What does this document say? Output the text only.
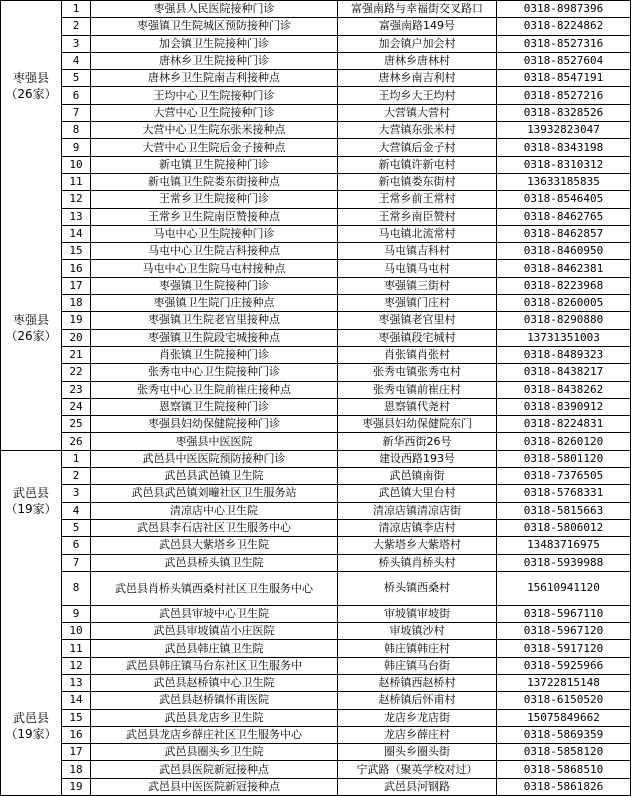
枣强县
（26家）
枣强县
（26家）	1	枣强县人民医院接种门诊	富强南路与幸福街交叉路口	0318-8987396
	2	枣强镇卫生院城区预防接种门诊	富强南路149号	0318-8224862
	3	加会镇卫生院接种门诊	加会镇户加会村	0318-8527316
	4	唐林乡卫生院接种门诊	唐林乡唐林村	0318-8527604
	5	唐林乡卫生院南吉利接种点	唐林乡南吉利村	0318-8547191
	6	王均中心卫生院接种门诊	王均乡大王均村	0318-8527216
	7	大营中心卫生院接种门诊	大营镇大营村	0318-8328526
	8	大营中心卫生院东张米接种点	大营镇东张米村	13932823047
	9	大营中心卫生院后金子接种点	大营镇后金子村	0318-8343198
	10	新屯镇卫生院接种门诊	新屯镇许新屯村	0318-8310312
	11	新屯镇卫生院娄东街接种点	新屯镇娄东街村	13633185835
	12	王常乡卫生院接种门诊	王常乡前王常村	0318-8546405
	13	王常乡卫生院南臣赞接种点	王常乡南臣赞村	0318-8462765
	14	马屯中心卫生院接种门诊	马屯镇北流常村	0318-8462857
	15	马屯中心卫生院吉科接种点	马屯镇吉科村	0318-8460950
	16	马屯中心卫生院马屯村接种点	马屯镇马屯村	0318-8462381
	17	枣强镇卫生院接种门诊	枣强镇三街村	0318-8223968
	18	枣强镇卫生院门庄接种点	枣强镇门庄村	0318-8260005
	19	枣强镇卫生院老官里接种点	枣强镇老官里村	0318-8290880
	20	枣强镇卫生院段宅城接种点	枣强镇段宅城村	13731351003
	21	肖张镇卫生院接种门诊	肖张镇肖张村	0318-8489323
	22	张秀屯中心卫生院接种门诊	张秀屯镇张秀屯村	0318-8438217
	23	张秀屯中心卫生院前崔庄接种点	张秀屯镇前崔庄村	0318-8438262
	24	恩察镇卫生院接种门诊	恩察镇代尧村	0318-8390912
	25	枣强县妇幼保健院接种门诊	枣强县妇幼保健院东门	0318-8224831
	26	枣强县中医医院	新华西街26号	0318-8260120

武邑县
（19家）
武邑县
（19家）	1	武邑县中医医院预防接种门诊	建设西路193号	0318-5801120
	2	武邑县武邑镇卫生院	武邑镇南街	0318-7376505
	3	武邑县武邑镇刘疃社区卫生服务站	武邑镇大里台村	0318-5768331
	4	清凉店中心卫生院	清凉店镇清凉店街	0318-5815663
	5	武邑县李石店社区卫生服务中心	清凉店镇李店村	0318-5806012
	6	武邑县大紫塔乡卫生院	大紫塔乡大紫塔村	13483716975
	7	武邑县桥头镇卫生院	桥头镇肖桥头村	0318-5939988
	8	武邑县肖桥头镇西桑村社区卫生服务中心	桥头镇西桑村	15610941120
	9	武邑县审坡中心卫生院	审坡镇审坡街	0318-5967110
	10	武邑县审坡镇苗小庄医院	审坡镇沙村	0318-5967120
	11	武邑县韩庄镇卫生院	韩庄镇韩庄村	0318-5917120
	12	武邑县韩庄镇马台东社区卫生服务中	韩庄镇马台街	0318-5925966
	13	武邑县赵桥镇中心卫生院	赵桥镇西赵桥村	13722815148
	14	武邑县赵桥镇怀甫医院	赵桥镇后怀甫村	0318-6150520
	15	武邑县龙店乡卫生院	龙店乡龙店街	15075849662
	16	武邑县龙店乡薛庄社区卫生服务中心	龙店乡薛庄村	0318-5869359
	17	武邑县圈头乡卫生院	圈头乡圈头街	0318-5858120
	18	武邑县医院新冠接种点	宁武路（聚英学校对过）	0318-5868510
	19	武邑县中医医院新冠接种点	武邑县河钢路	0318-5861826
